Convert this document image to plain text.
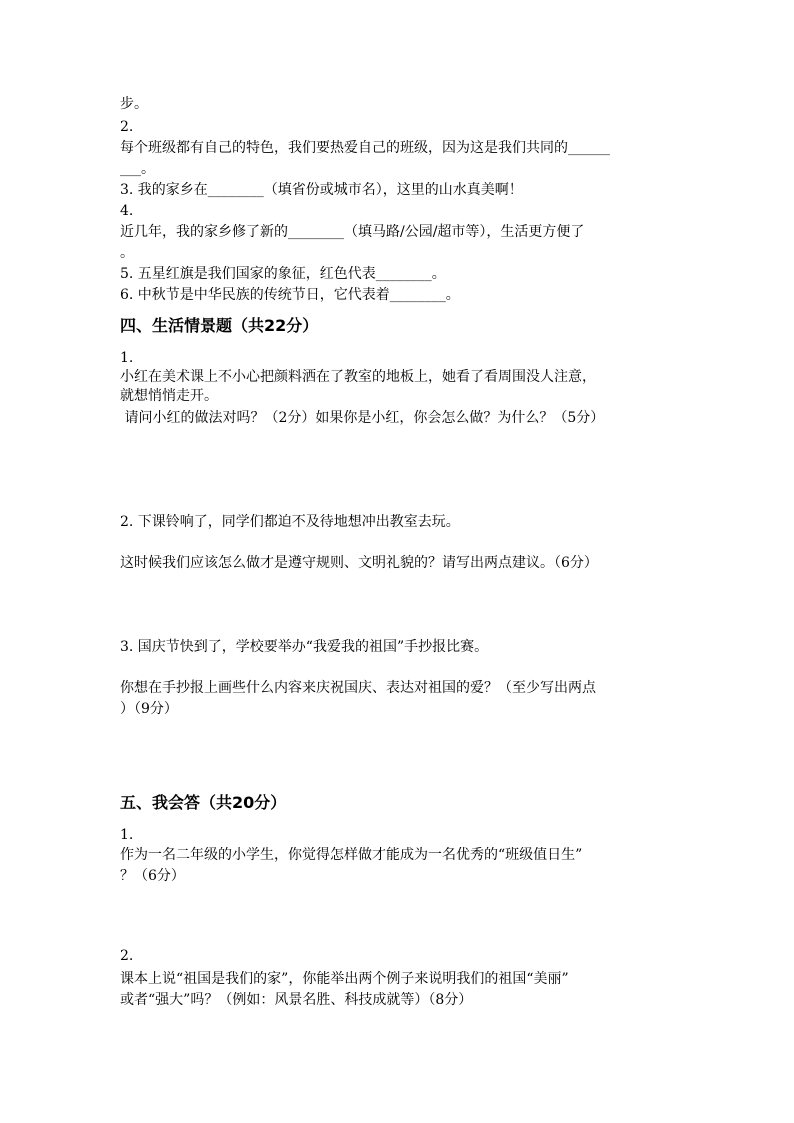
步。

2.

每个班级都有自己的特色，我们要热爱自己的班级，因为这是我们共同的______

___。

3. 我的家乡在________（填省份或城市名），这里的山水真美啊！

4.

近几年，我的家乡修了新的________（填马路/公园/超市等），生活更方便了

。

5. 五星红旗是我们国家的象征，红色代表________。

6. 中秋节是中华民族的传统节日，它代表着________。

四、生活情景题（共22分）

1.

小红在美术课上不小心把颜料洒在了教室的地板上，她看了看周围没人注意，

就想悄悄走开。

请问小红的做法对吗？（2分）如果你是小红，你会怎么做？为什么？（5分）

2. 下课铃响了，同学们都迫不及待地想冲出教室去玩。

这时候我们应该怎么做才是遵守规则、文明礼貌的？请写出两点建议。（6分）

3. 国庆节快到了，学校要举办“我爱我的祖国”手抄报比赛。

你想在手抄报上画些什么内容来庆祝国庆、表达对祖国的爱？（至少写出两点

）（9分）

五、我会答（共20分）

1.

作为一名二年级的小学生，你觉得怎样做才能成为一名优秀的“班级值日生”

？（6分）

2.

课本上说“祖国是我们的家”，你能举出两个例子来说明我们的祖国“美丽”

或者“强大”吗？（例如：风景名胜、科技成就等）（8分）
